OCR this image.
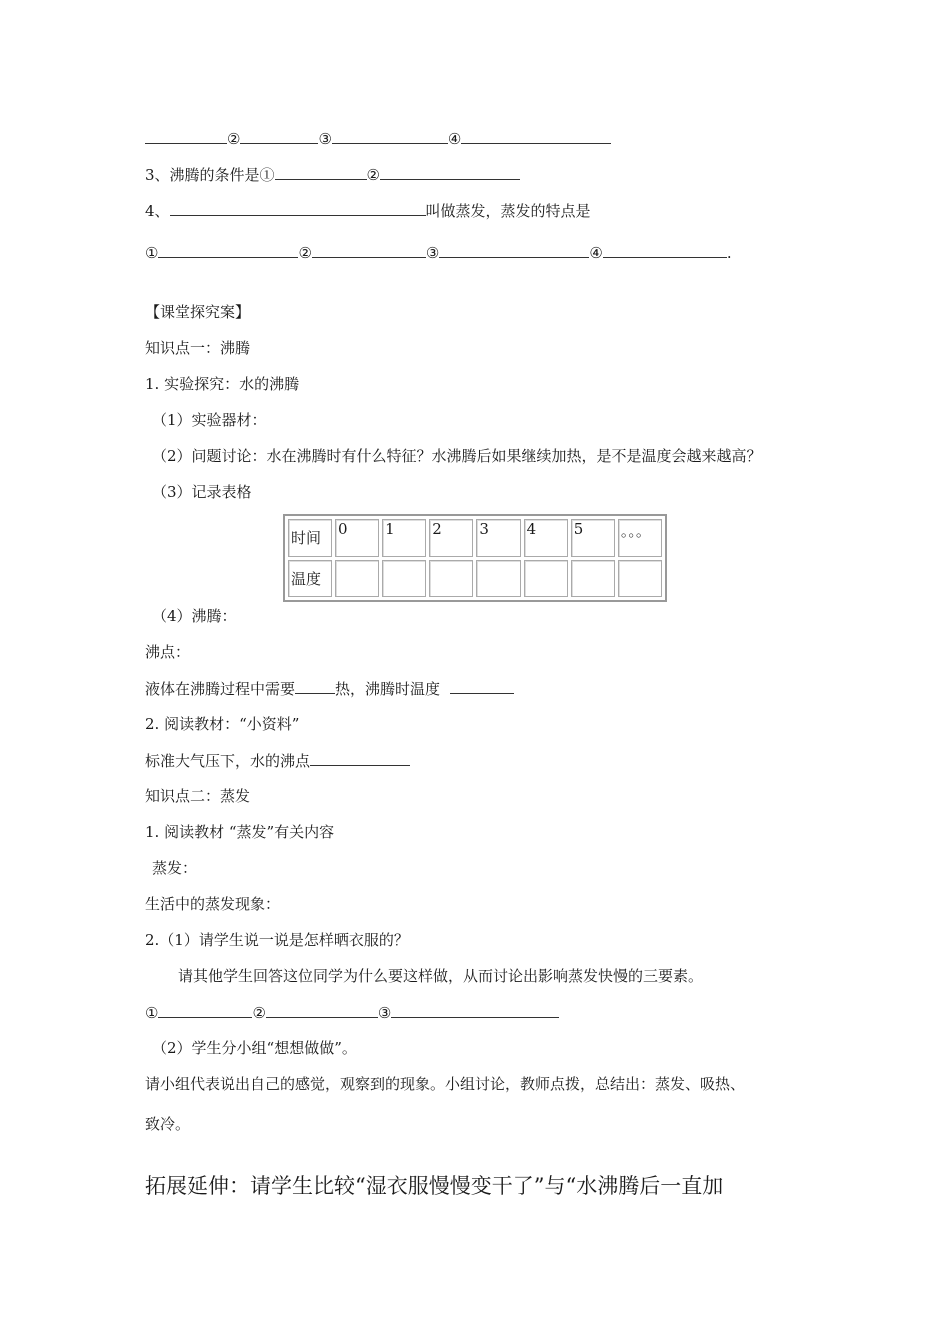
②	③	④
3、沸腾的条件是①	②
4、	叫做蒸发，蒸发的特点是
①	②	③	④	.
【课堂探究案】
知识点一：沸腾
1. 实验探究：水的沸腾
（1）实验器材：
（2）问题讨论：水在沸腾时有什么特征？水沸腾后如果继续加热，是不是温度会越来越高？
（3）记录表格
时间	0	1	2	3	4	5	。。。
温度							
（4）沸腾：
沸点：
液体在沸腾过程中需要	热，沸腾时温度
2. 阅读教材：“小资料”
标准大气压下，水的沸点
知识点二：蒸发
1. 阅读教材 “蒸发”有关内容
蒸发：
生活中的蒸发现象：
2.（1）请学生说一说是怎样晒衣服的？
请其他学生回答这位同学为什么要这样做，从而讨论出影响蒸发快慢的三要素。
①	②	③
（2）学生分小组“想想做做”。
请小组代表说出自己的感觉，观察到的现象。小组讨论，教师点拨，总结出：蒸发、吸热、
致冷。
拓展延伸：请学生比较“湿衣服慢慢变干了”与“水沸腾后一直加
